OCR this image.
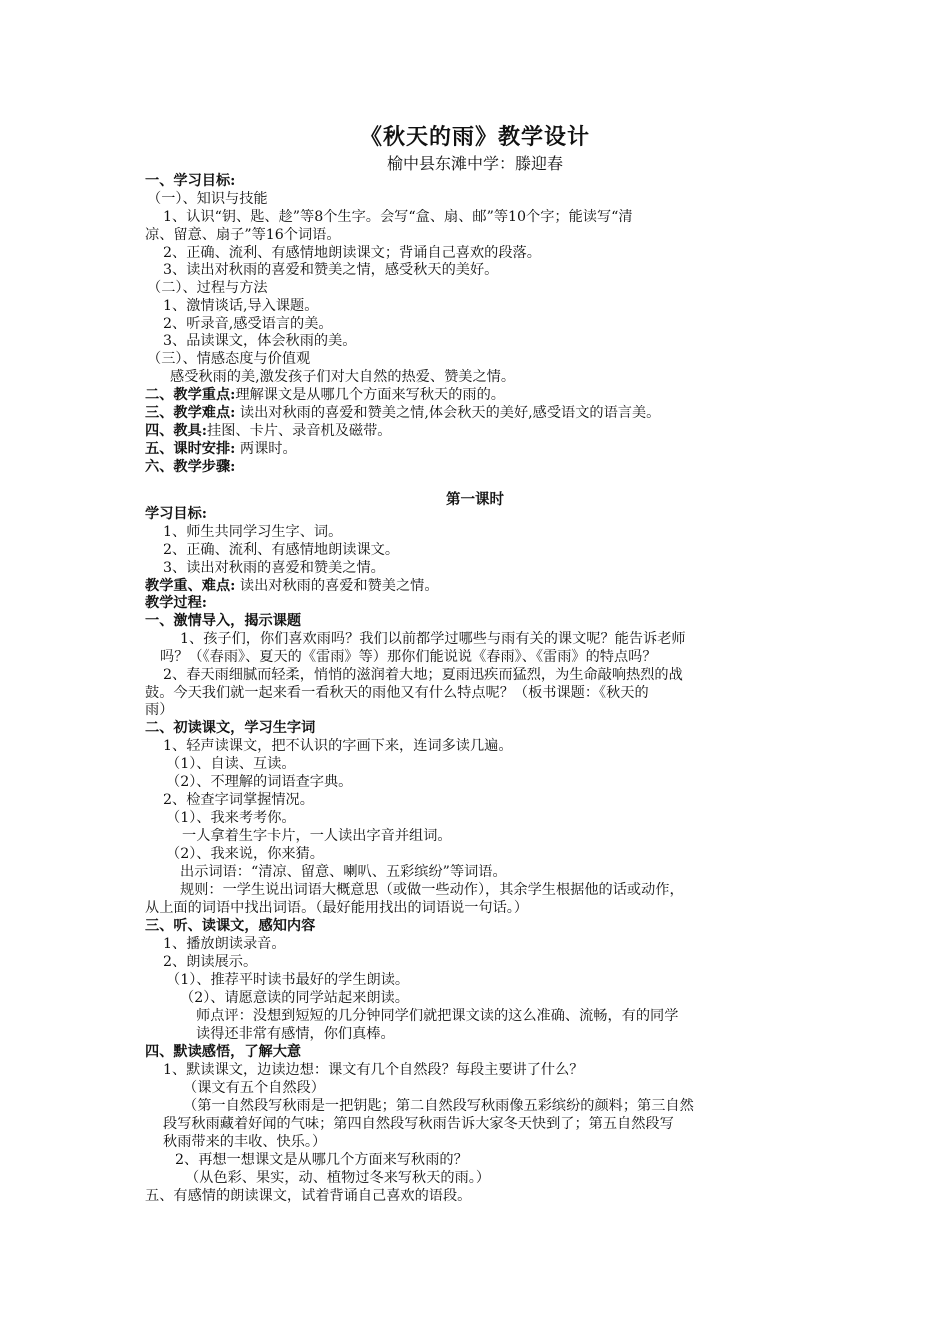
《秋天的雨》教学设计
榆中县东滩中学：滕迎春
第一课时
一、学习目标:
（一）、知识与技能
1、认识“钥、匙、趁”等8个生字。会写“盒、扇、邮”等10个字；能读写“清
凉、留意、扇子”等16个词语。
2、正确、流利、有感情地朗读课文；背诵自己喜欢的段落。
3、读出对秋雨的喜爱和赞美之情，感受秋天的美好。
（二）、过程与方法
1、激情谈话,导入课题。
2、听录音,感受语言的美。
3、品读课文，体会秋雨的美。
（三）、情感态度与价值观
感受秋雨的美,激发孩子们对大自然的热爱、赞美之情。
二、教学重点:理解课文是从哪几个方面来写秋天的雨的。
三、教学难点: 读出对秋雨的喜爱和赞美之情,体会秋天的美好,感受语文的语言美。
四、教具:挂图、卡片、录音机及磁带。
五、课时安排: 两课时。
六、教学步骤:
学习目标:
1、师生共同学习生字、词。
2、正确、流利、有感情地朗读课文。
3、读出对秋雨的喜爱和赞美之情。
教学重、难点: 读出对秋雨的喜爱和赞美之情。
教学过程:
一、激情导入，揭示课题
1、孩子们，你们喜欢雨吗？我们以前都学过哪些与雨有关的课文呢？能告诉老师
吗？（《春雨》、夏天的《雷雨》等）那你们能说说《春雨》、《雷雨》的特点吗？
2、春天雨细腻而轻柔，悄悄的滋润着大地；夏雨迅疾而猛烈，为生命敲响热烈的战
鼓。今天我们就一起来看一看秋天的雨他又有什么特点呢？（板书课题：《秋天的
雨）
二、初读课文，学习生字词
1、轻声读课文，把不认识的字画下来，连词多读几遍。
（1）、自读、互读。
（2）、不理解的词语查字典。
2、检查字词掌握情况。
（1）、我来考考你。
一人拿着生字卡片，一人读出字音并组词。
（2）、我来说，你来猜。
出示词语：“清凉、留意、喇叭、五彩缤纷”等词语。
规则：一学生说出词语大概意思（或做一些动作），其余学生根据他的话或动作，
从上面的词语中找出词语。（最好能用找出的词语说一句话。）
三、听、读课文，感知内容
1、播放朗读录音。
2、朗读展示。
（1）、推荐平时读书最好的学生朗读。
（2）、请愿意读的同学站起来朗读。
师点评：没想到短短的几分钟同学们就把课文读的这么准确、流畅，有的同学
读得还非常有感情，你们真棒。
四、默读感悟，了解大意
1、默读课文，边读边想：课文有几个自然段？每段主要讲了什么？
（课文有五个自然段）
（第一自然段写秋雨是一把钥匙；第二自然段写秋雨像五彩缤纷的颜料；第三自然
段写秋雨藏着好闻的气味；第四自然段写秋雨告诉大家冬天快到了；第五自然段写
秋雨带来的丰收、快乐。）
2、再想一想课文是从哪几个方面来写秋雨的？
（从色彩、果实，动、植物过冬来写秋天的雨。）
五、有感情的朗读课文，试着背诵自己喜欢的语段。
